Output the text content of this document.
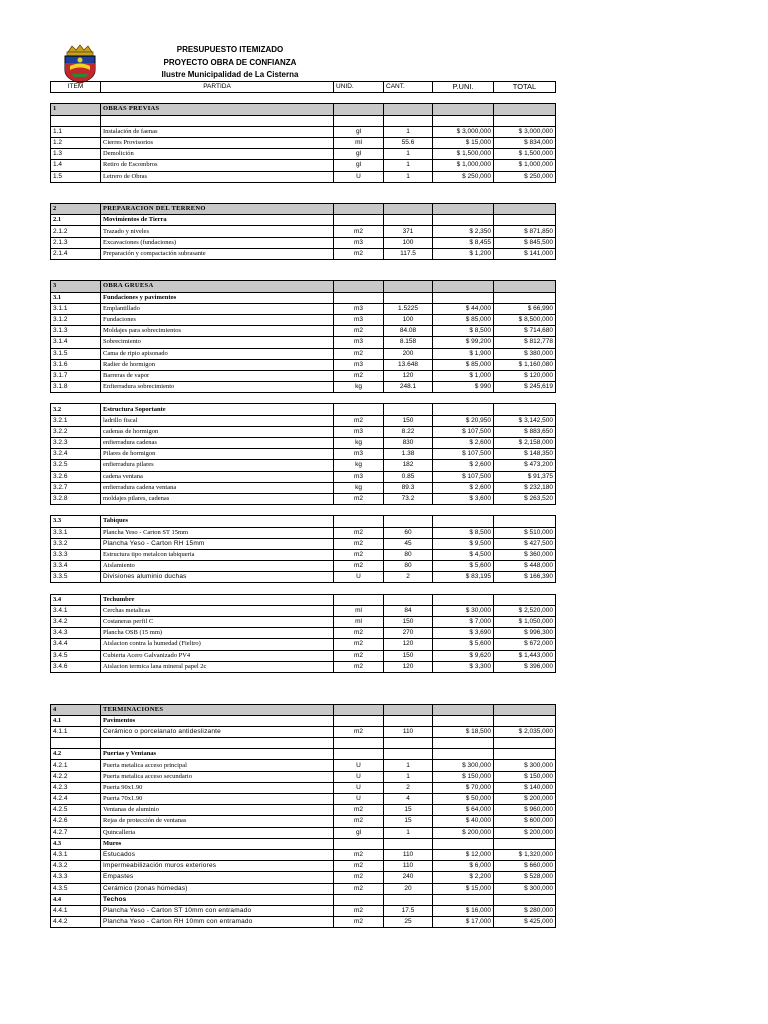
PRESUPUESTO ITEMIZADO
PROYECTO OBRA DE CONFIANZA
Ilustre Municipalidad de La Cisterna
ITEM	PARTIDA	UNID.	CANT.	P.UNI.	TOTAL

1	OBRAS PREVIAS				

1.1	Instalación de faenas	gl	1	$ 3,000,000	$ 3,000,000
1.2	Cierres Provisorios	ml	55.6	$ 15,000	$ 834,000
1.3	Demolición	gl	1	$ 1,500,000	$ 1,500,000
1.4	Retiro de Escombros	gl	1	$ 1,000,000	$ 1,000,000
1.5	Letrero de Obras	U	1	$ 250,000	$ 250,000

2	PREPARACION DEL TERRENO				
2.1	Movimientos de Tierra				
2.1.2	Trazado y niveles	m2	371	$ 2,350	$ 871,850
2.1.3	Excavaciones (fundaciones)	m3	100	$ 8,455	$ 845,500
2.1.4	Preparación y compactación subrasante	m2	117.5	$ 1,200	$ 141,000

3	OBRA GRUESA				
3.1	Fundaciones y pavimentos				
3.1.1	Emplantillado	m3	1.5225	$ 44,000	$ 66,990
3.1.2	Fundaciones	m3	100	$ 85,000	$ 8,500,000
3.1.3	Moldajes para sobrecimientos	m2	84.08	$ 8,500	$ 714,680
3.1.4	Sobrecimiento	m3	8.158	$ 99,200	$ 812,778
3.1.5	Cama de ripio apisonado	m2	200	$ 1,900	$ 380,000
3.1.6	Radier de hormigon	m3	13.648	$ 85,000	$ 1,160,080
3.1.7	Barreras de vapor	m2	120	$ 1,000	$ 120,000
3.1.8	Enfierradura sobrecimiento	kg	248.1	$ 990	$ 245,619

3.2	Estructura Soportante				
3.2.1	ladrillo fiscal	m2	150	$ 20,950	$ 3,142,500
3.2.2	cadenas de hormigon	m3	8.22	$ 107,500	$ 883,650
3.2.3	enfierradura cadenas	kg	830	$ 2,600	$ 2,158,000
3.2.4	Pilares de hormigon	m3	1.38	$ 107,500	$ 148,350
3.2.5	enfierradura pilares	kg	182	$ 2,600	$ 473,200
3.2.6	cadena ventana	m3	0.85	$ 107,500	$ 91,375
3.2.7	enfierradura cadena ventana	kg	89.3	$ 2,600	$ 232,180
3.2.8	moldajes pilares, cadenas	m2	73.2	$ 3,600	$ 263,520

3.3	Tabiques				
3.3.1	Plancha Yeso - Carton ST 15mm	m2	60	$ 8,500	$ 510,000
3.3.2	Plancha Yeso - Carton RH 15mm	m2	45	$ 9,500	$ 427,500
3.3.3	Estructura tipo metalcon tabiqueria	m2	80	$ 4,500	$ 360,000
3.3.4	Aislamiento	m2	80	$ 5,600	$ 448,000
3.3.5	Divisiones aluminio duchas	U	2	$ 83,195	$ 166,390

3.4	Techumbre				
3.4.1	Cerchas metalicas	ml	84	$ 30,000	$ 2,520,000
3.4.2	Costaneras perfil C	ml	150	$ 7,000	$ 1,050,000
3.4.3	Plancha OSB (15 mm)	m2	270	$ 3,690	$ 996,300
3.4.4	Aislacion contra la humedad (Fieltro)	m2	120	$ 5,600	$ 672,000
3.4.5	Cubierta Acero Galvanizado PV4	m2	150	$ 9,620	$ 1,443,000
3.4.6	Aislacion termica lana mineral papel 2c	m2	120	$ 3,300	$ 396,000

4	TERMINACIONES				
4.1	Pavimentos				
4.1.1	Cerámico o porcelanato antideslizante	m2	110	$ 18,500	$ 2,035,000

4.2	Puertas y Ventanas				
4.2.1	Puerta metalica acceso principal	U	1	$ 300,000	$ 300,000
4.2.2	Puerta metalica acceso secundario	U	1	$ 150,000	$ 150,000
4.2.3	Puerta 90x1.90	U	2	$ 70,000	$ 140,000
4.2.4	Puerta 70x1.90	U	4	$ 50,000	$ 200,000
4.2.5	Ventanas de aluminio	m2	15	$ 64,000	$ 960,000
4.2.6	Rejas de protección de ventanas	m2	15	$ 40,000	$ 600,000
4.2.7	Quincalleria	gl	1	$ 200,000	$ 200,000
4.3	Muros				
4.3.1	Estucados	m2	110	$ 12,000	$ 1,320,000
4.3.2	Impermeabilización muros exteriores	m2	110	$ 6,000	$ 660,000
4.3.3	Empastes	m2	240	$ 2,200	$ 528,000
4.3.5	Cerámico (zonas húmedas)	m2	20	$ 15,000	$ 300,000
4.4	Techos				
4.4.1	Plancha Yeso - Carton ST 10mm con entramado	m2	17.5	$ 16,000	$ 280,000
4.4.2	Plancha Yeso - Carton RH 10mm con entramado	m2	25	$ 17,000	$ 425,000
